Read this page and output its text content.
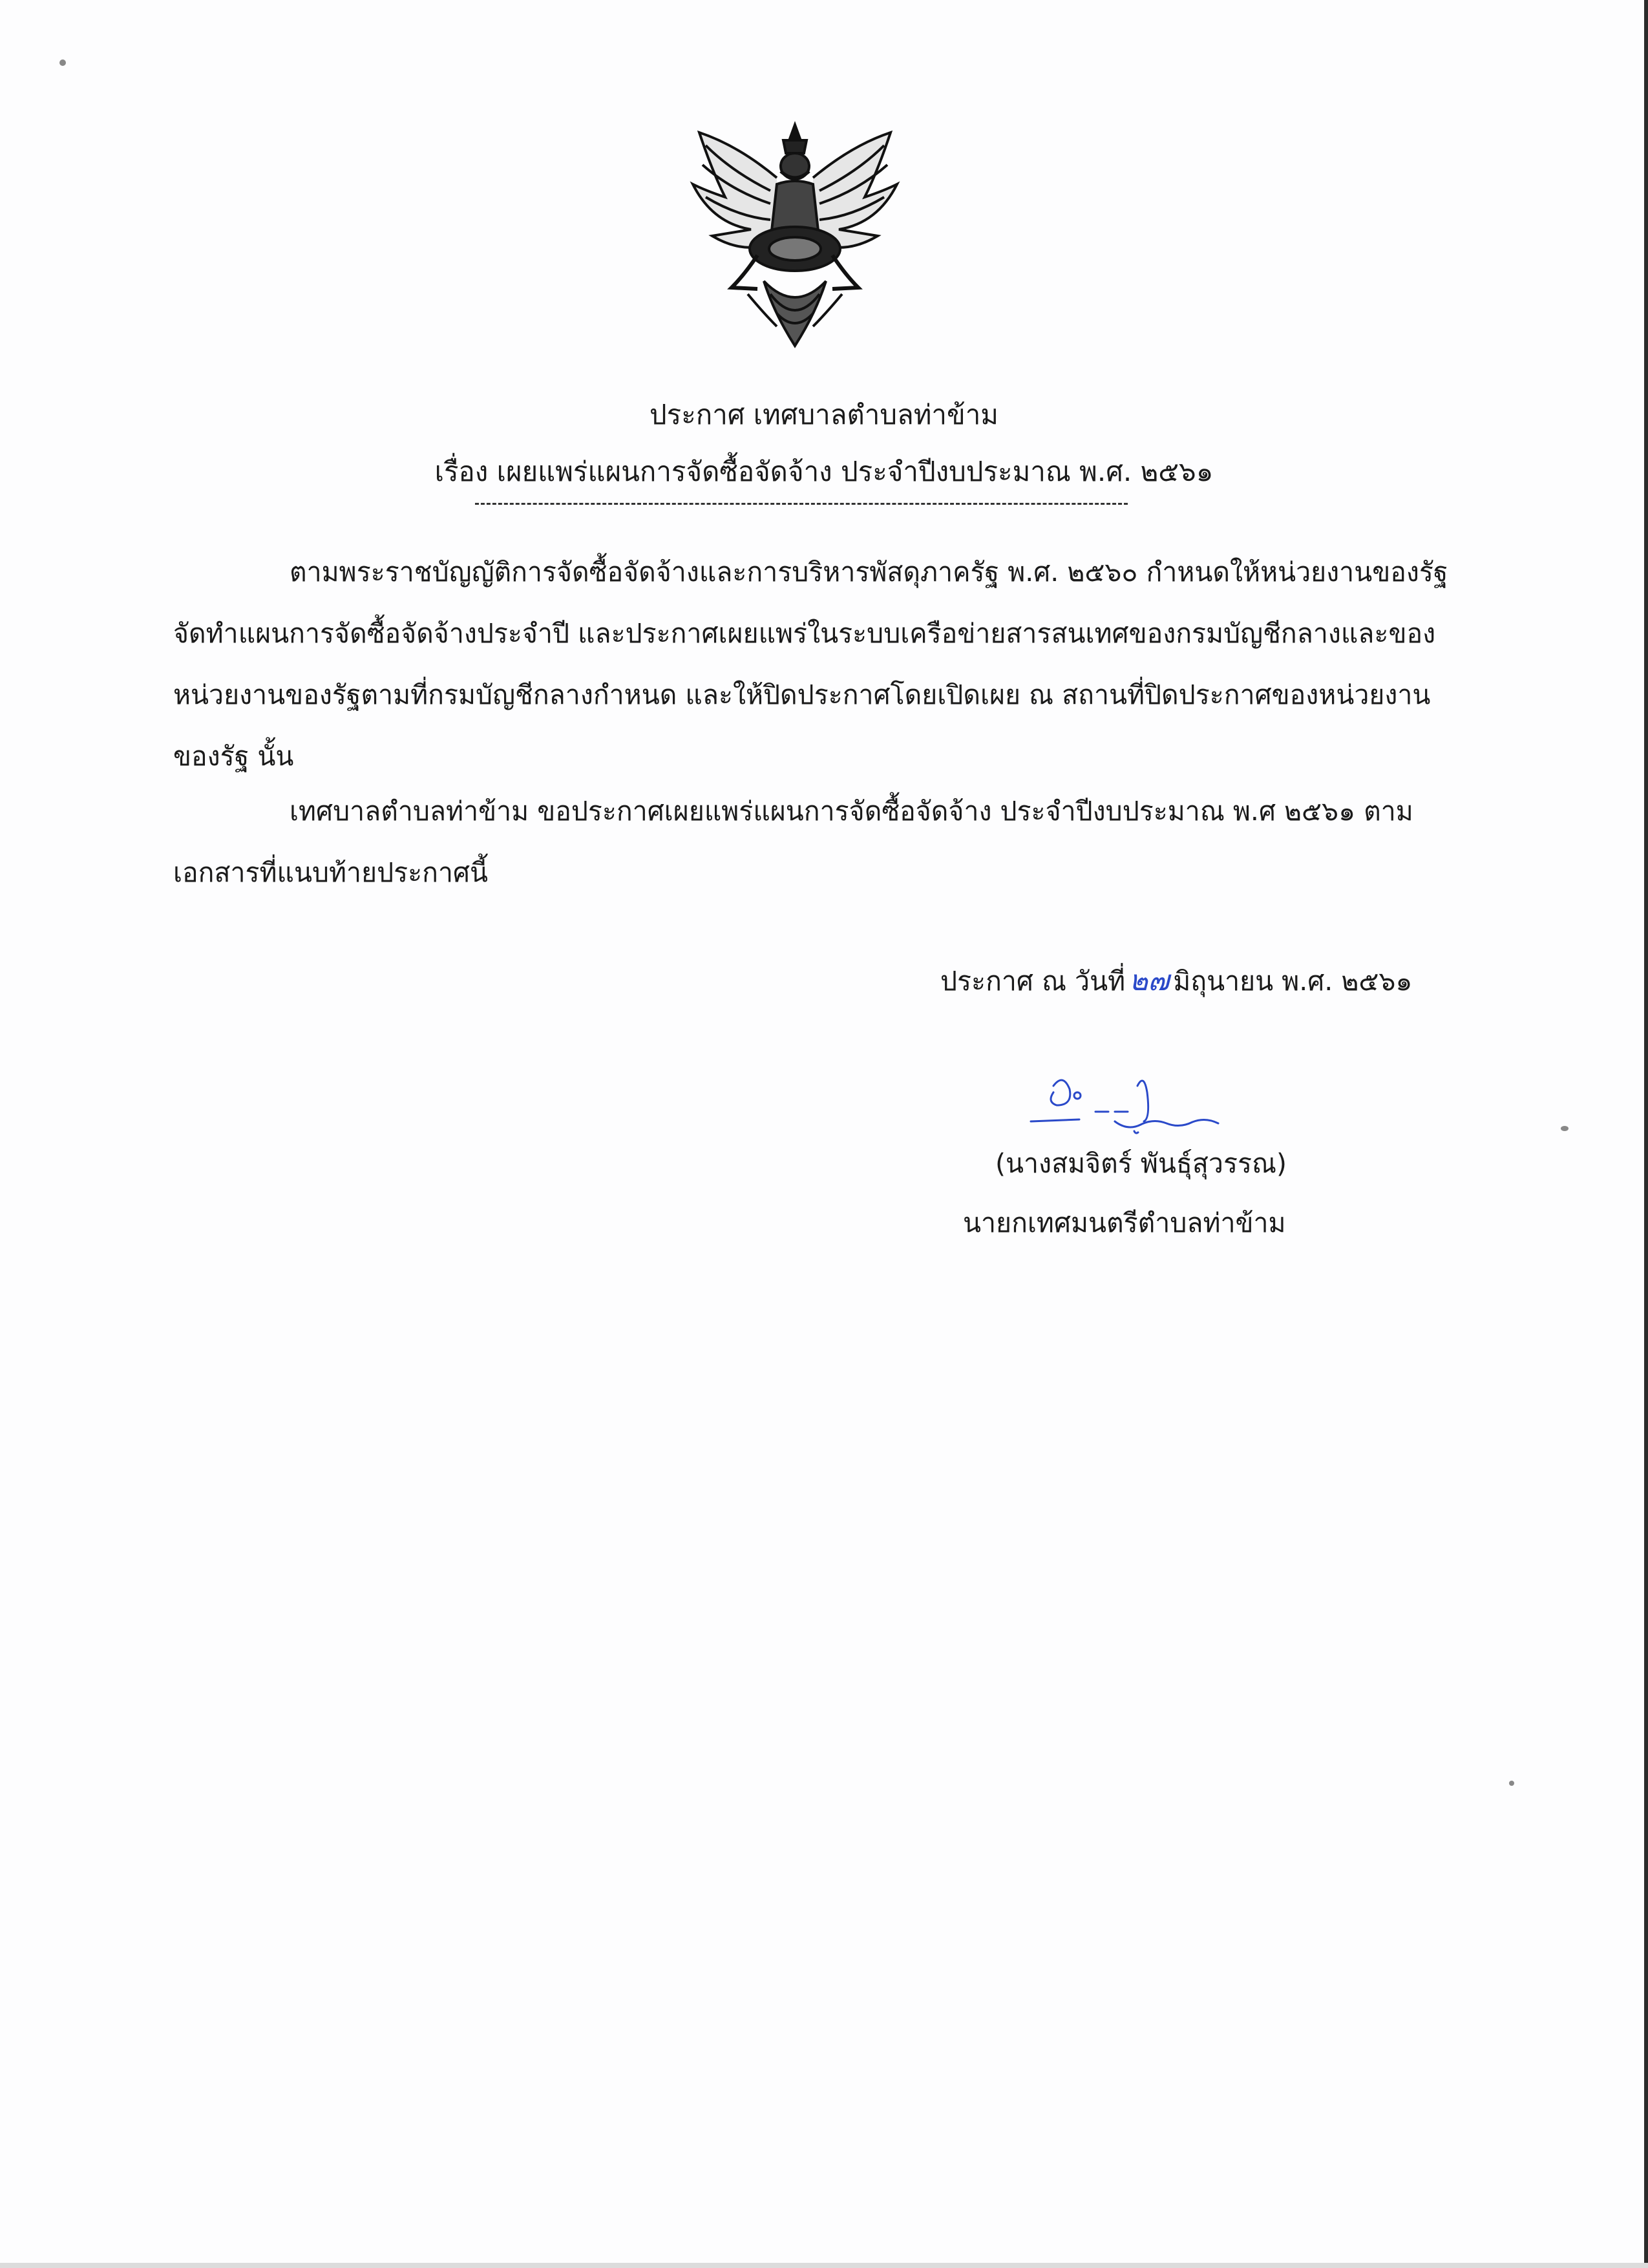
ประกาศ เทศบาลตำบลท่าข้าม
เรื่อง เผยแพร่แผนการจัดซื้อจัดจ้าง ประจำปีงบประมาณ พ.ศ. ๒๕๖๑
ตามพระราชบัญญัติการจัดซื้อจัดจ้างและการบริหารพัสดุภาครัฐ พ.ศ. ๒๕๖๐ กำหนดให้หน่วยงานของรัฐ
จัดทำแผนการจัดซื้อจัดจ้างประจำปี และประกาศเผยแพร่ในระบบเครือข่ายสารสนเทศของกรมบัญชีกลางและของ
หน่วยงานของรัฐตามที่กรมบัญชีกลางกำหนด และให้ปิดประกาศโดยเปิดเผย ณ สถานที่ปิดประกาศของหน่วยงาน
ของรัฐ นั้น
เทศบาลตำบลท่าข้าม ขอประกาศเผยแพร่แผนการจัดซื้อจัดจ้าง ประจำปีงบประมาณ พ.ศ ๒๕๖๑ ตาม
เอกสารที่แนบท้ายประกาศนี้
ประกาศ ณ วันที่ ๒๗ มิถุนายน พ.ศ. ๒๕๖๑
(นางสมจิตร์ พันธุ์สุวรรณ)
นายกเทศมนตรีตำบลท่าข้าม
